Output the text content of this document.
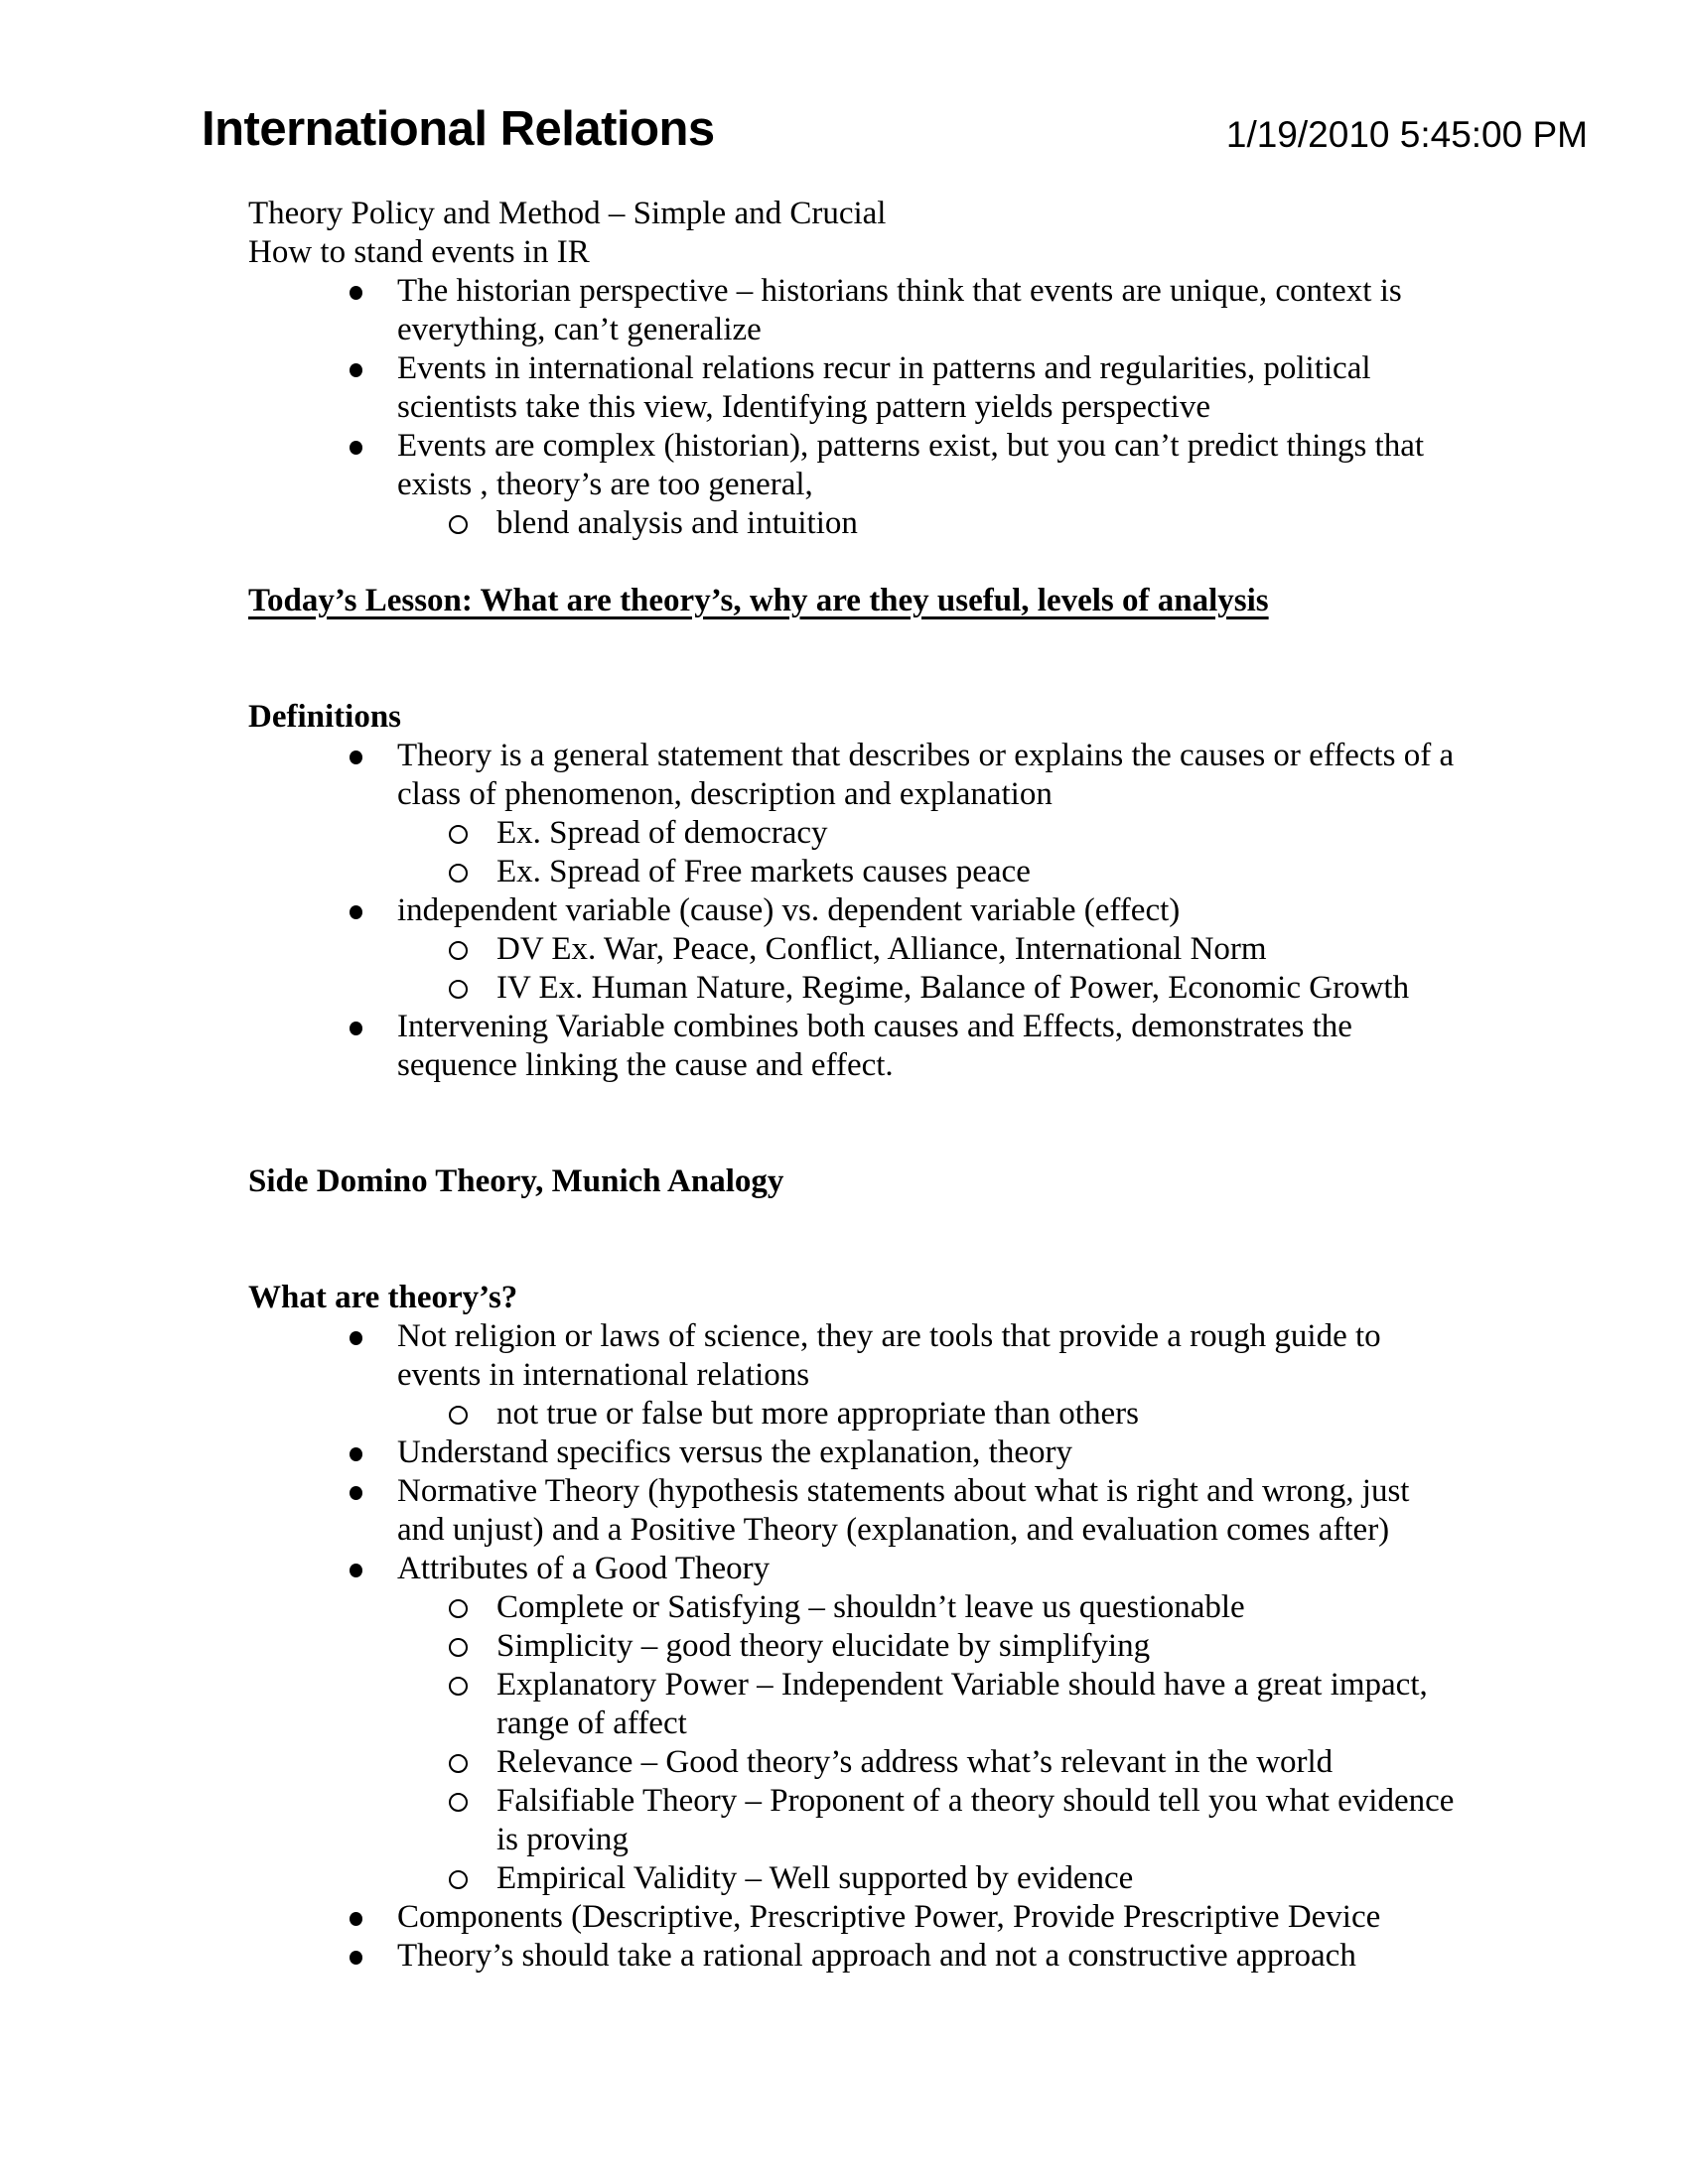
International Relations	1/19/2010 5:45:00 PM

Theory Policy and Method – Simple and Crucial

How to stand events in IR

The historian perspective – historians think that events are unique, context is everything, can’t generalize
Events in international relations recur in patterns and regularities, political scientists take this view, Identifying pattern yields perspective
Events are complex (historian), patterns exist, but you can’t predict things that exists , theory’s are too general,
blend analysis and intuition

Today’s Lesson: What are theory’s, why are they useful, levels of analysis

Definitions

Theory is a general statement that describes or explains the causes or effects of a class of phenomenon, description and explanation
Ex. Spread of democracy
Ex. Spread of Free markets causes peace
independent variable (cause) vs. dependent variable (effect)
DV Ex. War, Peace, Conflict, Alliance, International Norm
IV Ex. Human Nature, Regime, Balance of Power, Economic Growth
Intervening Variable combines both causes and Effects, demonstrates the sequence linking the cause and effect.

Side Domino Theory, Munich Analogy

What are theory’s?

Not religion or laws of science, they are tools that provide a rough guide to events in international relations
not true or false but more appropriate than others
Understand specifics versus the explanation, theory
Normative Theory (hypothesis statements about what is right and wrong, just and unjust) and a Positive Theory (explanation, and evaluation comes after)
Attributes of a Good Theory
Complete or Satisfying – shouldn’t leave us questionable
Simplicity – good theory elucidate by simplifying
Explanatory Power – Independent Variable should have a great impact, range of affect
Relevance – Good theory’s address what’s relevant in the world
Falsifiable Theory – Proponent of a theory should tell you what evidence is proving
Empirical Validity – Well supported by evidence
Components (Descriptive, Prescriptive Power, Provide Prescriptive Device
Theory’s should take a rational approach and not a constructive approach
